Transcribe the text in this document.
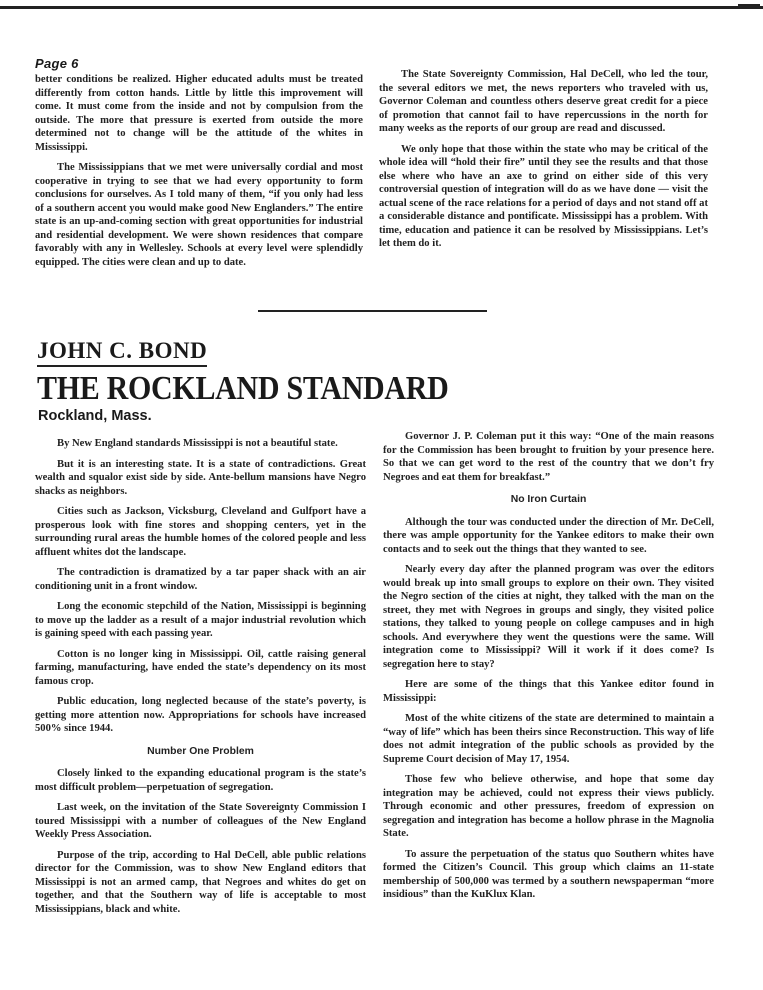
Page 6

better conditions be realized. Higher educated adults must be treated differently from cotton hands. Little by little this improvement will come. It must come from the inside and not by compulsion from the outside. The more that pressure is exerted from outside the more determined not to change will be the attitude of the whites in Mississippi.

The Mississippians that we met were universally cordial and most cooperative in trying to see that we had every opportunity to form conclusions for ourselves. As I told many of them, “if you only had less of a southern accent you would make good New Englanders.” The entire state is an up-and-coming section with great opportunities for industrial and residential development. We were shown residences that compare favorably with any in Wellesley. Schools at every level were splendidly equipped. The cities were clean and up to date.

The State Sovereignty Commission, Hal DeCell, who led the tour, the several editors we met, the news reporters who traveled with us, Governor Coleman and countless others deserve great credit for a piece of promotion that cannot fail to have repercussions in the north for many weeks as the reports of our group are read and discussed.

We only hope that those within the state who may be critical of the whole idea will “hold their fire” until they see the results and that those else where who have an axe to grind on either side of this very controversial question of integration will do as we have done — visit the actual scene of the race relations for a period of days and not stand off at a considerable distance and pontificate. Mississippi has a problem. With time, education and patience it can be resolved by Mississippians. Let’s let them do it.

JOHN C. BOND
THE ROCKLAND STANDARD
Rockland, Mass.

By New England standards Mississippi is not a beautiful state.

But it is an interesting state. It is a state of contradictions. Great wealth and squalor exist side by side. Ante-bellum mansions have Negro shacks as neighbors.

Cities such as Jackson, Vicksburg, Cleveland and Gulfport have a prosperous look with fine stores and shopping centers, yet in the surrounding rural areas the humble homes of the colored people and less affluent whites dot the landscape.

The contradiction is dramatized by a tar paper shack with an air conditioning unit in a front window.

Long the economic stepchild of the Nation, Mississippi is beginning to move up the ladder as a result of a major industrial revolution which is gaining speed with each passing year.

Cotton is no longer king in Mississippi. Oil, cattle raising general farming, manufacturing, have ended the state’s dependency on its most famous crop.

Public education, long neglected because of the state’s poverty, is getting more attention now. Appropriations for schools have increased 500% since 1944.

Number One Problem

Closely linked to the expanding educational program is the state’s most difficult problem—perpetuation of segregation.

Last week, on the invitation of the State Sovereignty Commission I toured Mississippi with a number of colleagues of the New England Weekly Press Association.

Purpose of the trip, according to Hal DeCell, able public relations director for the Commission, was to show New England editors that Mississippi is not an armed camp, that Negroes and whites do get on together, and that the Southern way of life is acceptable to most Mississippians, black and white.

Governor J. P. Coleman put it this way: “One of the main reasons for the Commission has been brought to fruition by your presence here. So that we can get word to the rest of the country that we don’t fry Negroes and eat them for breakfast.”

No Iron Curtain

Although the tour was conducted under the direction of Mr. DeCell, there was ample opportunity for the Yankee editors to make their own contacts and to seek out the things that they wanted to see.

Nearly every day after the planned program was over the editors would break up into small groups to explore on their own. They visited the Negro section of the cities at night, they talked with the man on the street, they met with Negroes in groups and singly, they visited police stations, they talked to young people on college campuses and in high schools. And everywhere they went the questions were the same. Will integration come to Mississippi? Will it work if it does come? Is segregation here to stay?

Here are some of the things that this Yankee editor found in Mississippi:

Most of the white citizens of the state are determined to maintain a “way of life” which has been theirs since Reconstruction. This way of life does not admit integration of the public schools as provided by the Supreme Court decision of May 17, 1954.

Those few who believe otherwise, and hope that some day integration may be achieved, could not express their views publicly. Through economic and other pressures, freedom of expression on segregation and integration has become a hollow phrase in the Magnolia State.

To assure the perpetuation of the status quo Southern whites have formed the Citizen’s Council. This group which claims an 11-state membership of 500,000 was termed by a southern newspaperman “more insidious” than the KuKlux Klan.
